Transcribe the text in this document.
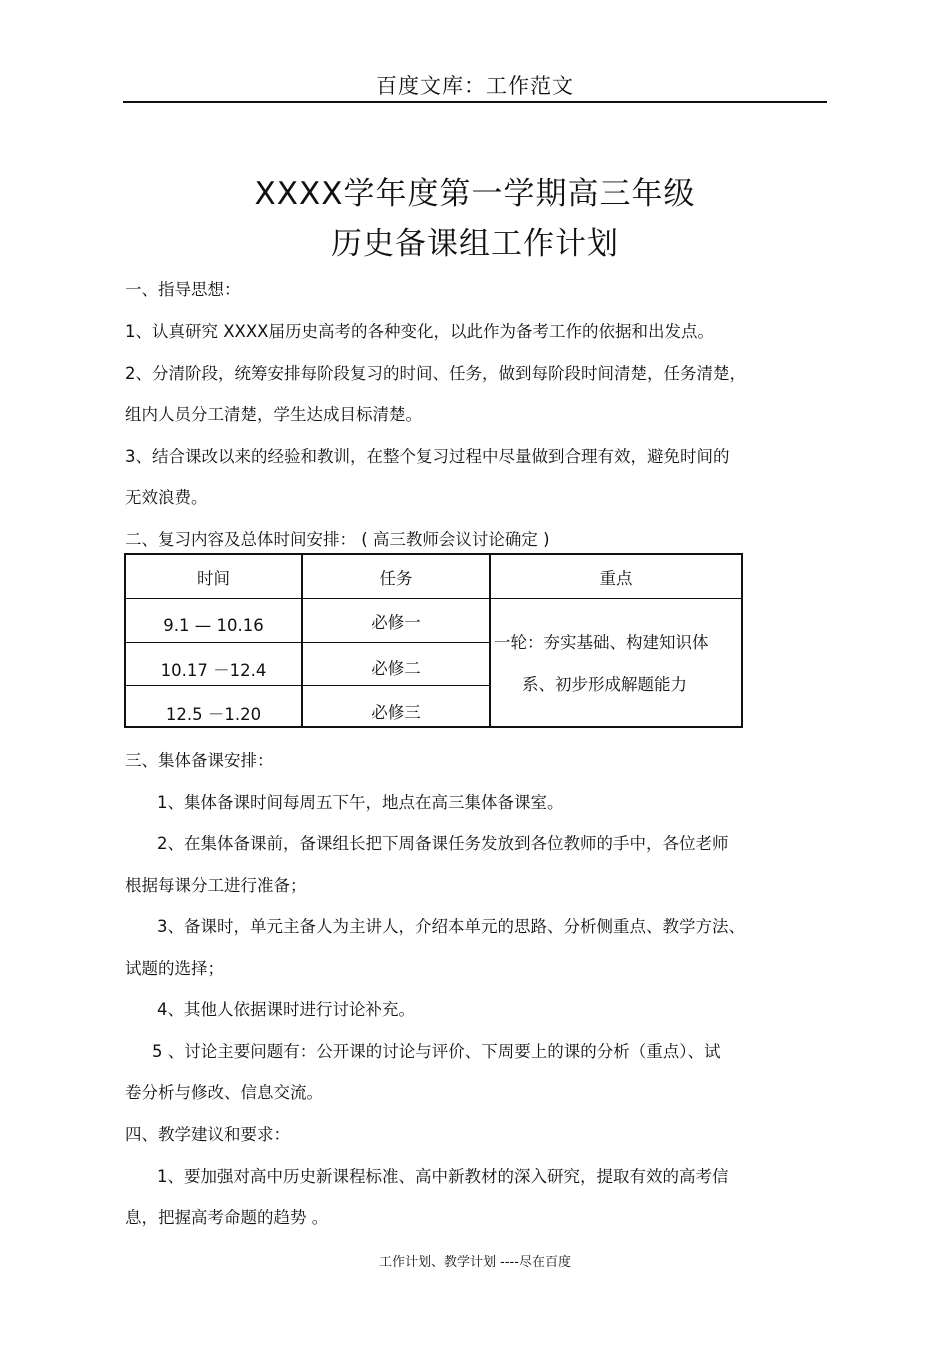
百度文库：工作范文
XXXX学年度第一学期高三年级
历史备课组工作计划
一、指导思想：
1、认真研究 XXXX届历史高考的各种变化，以此作为备考工作的依据和出发点。
2、分清阶段，统筹安排每阶段复习的时间、任务，做到每阶段时间清楚，任务清楚，
组内人员分工清楚，学生达成目标清楚。
3、结合课改以来的经验和教训，在整个复习过程中尽量做到合理有效，避免时间的
无效浪费。
二、复习内容及总体时间安排： ( 高三教师会议讨论确定 )
时间	任务	重点
9.1 — 10.16	必修一
10.17 －12.4	必修二
12.5 －1.20	必修三
一轮：夯实基础、构建知识体
系、初步形成解题能力
三、集体备课安排：
1、集体备课时间每周五下午，地点在高三集体备课室。
2、在集体备课前，备课组长把下周备课任务发放到各位教师的手中，各位老师
根据每课分工进行准备；
3、备课时，单元主备人为主讲人，介绍本单元的思路、分析侧重点、教学方法、
试题的选择；
4、其他人依据课时进行讨论补充。
5 、讨论主要问题有：公开课的讨论与评价、下周要上的课的分析（重点）、试
卷分析与修改、信息交流。
四、教学建议和要求：
1、要加强对高中历史新课程标准、高中新教材的深入研究，提取有效的高考信
息，把握高考命题的趋势 。
工作计划、教学计划 ----尽在百度
